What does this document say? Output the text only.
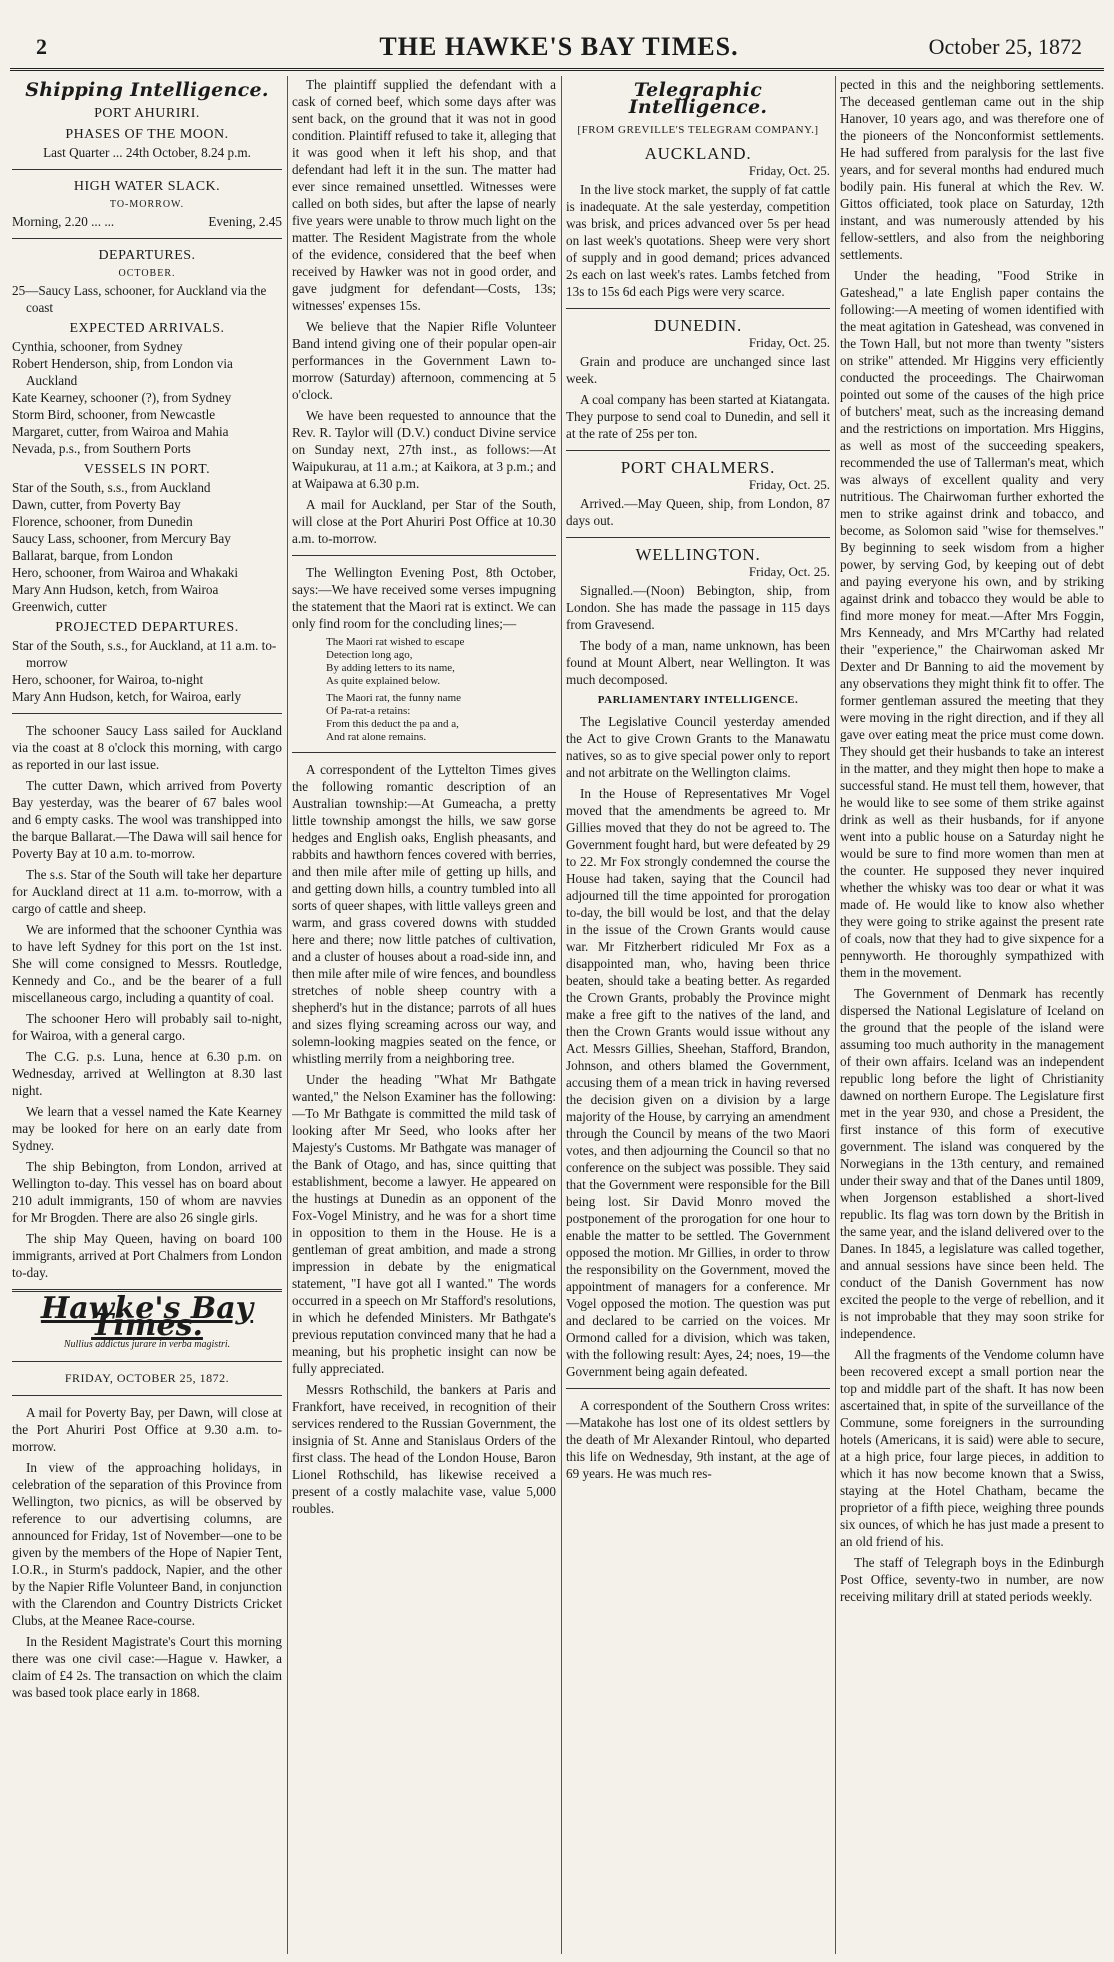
2	THE HAWKE'S BAY TIMES.	October 25, 1872
Shipping Intelligence.
PORT AHURIRI.
PHASES OF THE MOON.
Last Quarter ... 24th October, 8.24 p.m.
HIGH WATER SLACK.
TO-MORROW.
Morning, 2.20 ... ...	Evening, 2.45
DEPARTURES.
OCTOBER.
25—Saucy Lass, schooner, for Auckland via the coast
EXPECTED ARRIVALS.
Cynthia, schooner, from Sydney
Robert Henderson, ship, from London via Auckland
Kate Kearney, schooner (?), from Sydney
Storm Bird, schooner, from Newcastle
Margaret, cutter, from Wairoa and Mahia
Nevada, p.s., from Southern Ports
VESSELS IN PORT.
Star of the South, s.s., from Auckland
Dawn, cutter, from Poverty Bay
Florence, schooner, from Dunedin
Saucy Lass, schooner, from Mercury Bay
Ballarat, barque, from London
Hero, schooner, from Wairoa and Whakaki
Mary Ann Hudson, ketch, from Wairoa
Greenwich, cutter
PROJECTED DEPARTURES.
Star of the South, s.s., for Auckland, at 11 a.m. to-morrow
Hero, schooner, for Wairoa, to-night
Mary Ann Hudson, ketch, for Wairoa, early

The schooner Saucy Lass sailed for Auckland via the coast at 8 o'clock this morning, with cargo as reported in our last issue.

The cutter Dawn, which arrived from Poverty Bay yesterday, was the bearer of 67 bales wool and 6 empty casks. The wool was transhipped into the barque Ballarat.—The Dawa will sail hence for Poverty Bay at 10 a.m. to-morrow.

The s.s. Star of the South will take her departure for Auckland direct at 11 a.m. to-morrow, with a cargo of cattle and sheep.

We are informed that the schooner Cynthia was to have left Sydney for this port on the 1st inst. She will come consigned to Messrs. Routledge, Kennedy and Co., and be the bearer of a full miscellaneous cargo, including a quantity of coal.

The schooner Hero will probably sail to-night, for Wairoa, with a general cargo.

The C.G. p.s. Luna, hence at 6.30 p.m. on Wednesday, arrived at Wellington at 8.30 last night.

We learn that a vessel named the Kate Kearney may be looked for here on an early date from Sydney.

The ship Bebington, from London, arrived at Wellington to-day. This vessel has on board about 210 adult immigrants, 150 of whom are navvies for Mr Brogden. There are also 26 single girls.

The ship May Queen, having on board 100 immigrants, arrived at Port Chalmers from London to-day.

Hawke's Bay Times.
Nullius addictus jurare in verba magistri.
FRIDAY, OCTOBER 25, 1872.

A mail for Poverty Bay, per Dawn, will close at the Port Ahuriri Post Office at 9.30 a.m. to-morrow.

In view of the approaching holidays, in celebration of the separation of this Province from Wellington, two picnics, as will be observed by reference to our advertising columns, are announced for Friday, 1st of November—one to be given by the members of the Hope of Napier Tent, I.O.R., in Sturm's paddock, Napier, and the other by the Napier Rifle Volunteer Band, in conjunction with the Clarendon and Country Districts Cricket Clubs, at the Meanee Race-course.

In the Resident Magistrate's Court this morning there was one civil case:—Hague v. Hawker, a claim of £4 2s. The transaction on which the claim was based took place early in 1868.

The plaintiff supplied the defendant with a cask of corned beef, which some days after was sent back, on the ground that it was not in good condition. Plaintiff refused to take it, alleging that it was good when it left his shop, and that defendant had left it in the sun. The matter had ever since remained unsettled. Witnesses were called on both sides, but after the lapse of nearly five years were unable to throw much light on the matter. The Resident Magistrate from the whole of the evidence, considered that the beef when received by Hawker was not in good order, and gave judgment for defendant—Costs, 13s; witnesses' expenses 15s.

We believe that the Napier Rifle Volunteer Band intend giving one of their popular open-air performances in the Government Lawn to-morrow (Saturday) afternoon, commencing at 5 o'clock.

We have been requested to announce that the Rev. R. Taylor will (D.V.) conduct Divine service on Sunday next, 27th inst., as follows:—At Waipukurau, at 11 a.m.; at Kaikora, at 3 p.m.; and at Waipawa at 6.30 p.m.

A mail for Auckland, per Star of the South, will close at the Port Ahuriri Post Office at 10.30 a.m. to-morrow.

The Wellington Evening Post, 8th October, says:—We have received some verses impugning the statement that the Maori rat is extinct. We can only find room for the concluding lines;—

The Maori rat wished to escape
Detection long ago,
By adding letters to its name,
As quite explained below.
The Maori rat, the funny name
Of Pa-rat-a retains:
From this deduct the pa and a,
And rat alone remains.

A correspondent of the Lyttelton Times gives the following romantic description of an Australian township:—At Gumeacha, a pretty little township amongst the hills, we saw gorse hedges and English oaks, English pheasants, and rabbits and hawthorn fences covered with berries, and then mile after mile of getting up hills, and and getting down hills, a country tumbled into all sorts of queer shapes, with little valleys green and warm, and grass covered downs with studded here and there; now little patches of cultivation, and a cluster of houses about a road-side inn, and then mile after mile of wire fences, and boundless stretches of noble sheep country with a shepherd's hut in the distance; parrots of all hues and sizes flying screaming across our way, and solemn-looking magpies seated on the fence, or whistling merrily from a neighboring tree.

Under the heading "What Mr Bathgate wanted," the Nelson Examiner has the following:—To Mr Bathgate is committed the mild task of looking after Mr Seed, who looks after her Majesty's Customs. Mr Bathgate was manager of the Bank of Otago, and has, since quitting that establishment, become a lawyer. He appeared on the hustings at Dunedin as an opponent of the Fox-Vogel Ministry, and he was for a short time in opposition to them in the House. He is a gentleman of great ambition, and made a strong impression in debate by the enigmatical statement, "I have got all I wanted." The words occurred in a speech on Mr Stafford's resolutions, in which he defended Ministers. Mr Bathgate's previous reputation convinced many that he had a meaning, but his prophetic insight can now be fully appreciated.

Messrs Rothschild, the bankers at Paris and Frankfort, have received, in recognition of their services rendered to the Russian Government, the insignia of St. Anne and Stanislaus Orders of the first class. The head of the London House, Baron Lionel Rothschild, has likewise received a present of a costly malachite vase, value 5,000 roubles.

Telegraphic Intelligence.
[FROM GREVILLE'S TELEGRAM COMPANY.]
AUCKLAND.
Friday, Oct. 25.

In the live stock market, the supply of fat cattle is inadequate. At the sale yesterday, competition was brisk, and prices advanced over 5s per head on last week's quotations. Sheep were very short of supply and in good demand; prices advanced 2s each on last week's rates. Lambs fetched from 13s to 15s 6d each Pigs were very scarce.

DUNEDIN.
Friday, Oct. 25.

Grain and produce are unchanged since last week.

A coal company has been started at Kiatangata. They purpose to send coal to Dunedin, and sell it at the rate of 25s per ton.

PORT CHALMERS.
Friday, Oct. 25.

Arrived.—May Queen, ship, from London, 87 days out.

WELLINGTON.
Friday, Oct. 25.

Signalled.—(Noon) Bebington, ship, from London. She has made the passage in 115 days from Gravesend.

The body of a man, name unknown, has been found at Mount Albert, near Wellington. It was much decomposed.

PARLIAMENTARY INTELLIGENCE.

The Legislative Council yesterday amended the Act to give Crown Grants to the Manawatu natives, so as to give special power only to report and not arbitrate on the Wellington claims.

In the House of Representatives Mr Vogel moved that the amendments be agreed to. Mr Gillies moved that they do not be agreed to. The Government fought hard, but were defeated by 29 to 22. Mr Fox strongly condemned the course the House had taken, saying that the Council had adjourned till the time appointed for prorogation to-day, the bill would be lost, and that the delay in the issue of the Crown Grants would cause war. Mr Fitzherbert ridiculed Mr Fox as a disappointed man, who, having been thrice beaten, should take a beating better. As regarded the Crown Grants, probably the Province might make a free gift to the natives of the land, and then the Crown Grants would issue without any Act. Messrs Gillies, Sheehan, Stafford, Brandon, Johnson, and others blamed the Government, accusing them of a mean trick in having reversed the decision given on a division by a large majority of the House, by carrying an amendment through the Council by means of the two Maori votes, and then adjourning the Council so that no conference on the subject was possible. They said that the Government were responsible for the Bill being lost. Sir David Monro moved the postponement of the prorogation for one hour to enable the matter to be settled. The Government opposed the motion. Mr Gillies, in order to throw the responsibility on the Government, moved the appointment of managers for a conference. Mr Vogel opposed the motion. The question was put and declared to be carried on the voices. Mr Ormond called for a division, which was taken, with the following result: Ayes, 24; noes, 19—the Government being again defeated.

A correspondent of the Southern Cross writes:—Matakohe has lost one of its oldest settlers by the death of Mr Alexander Rintoul, who departed this life on Wednesday, 9th instant, at the age of 69 years. He was much res-

pected in this and the neighboring settlements. The deceased gentleman came out in the ship Hanover, 10 years ago, and was therefore one of the pioneers of the Nonconformist settlements. He had suffered from paralysis for the last five years, and for several months had endured much bodily pain. His funeral at which the Rev. W. Gittos officiated, took place on Saturday, 12th instant, and was numerously attended by his fellow-settlers, and also from the neighboring settlements.

Under the heading, "Food Strike in Gateshead," a late English paper contains the following:—A meeting of women identified with the meat agitation in Gateshead, was convened in the Town Hall, but not more than twenty "sisters on strike" attended. Mr Higgins very efficiently conducted the proceedings. The Chairwoman pointed out some of the causes of the high price of butchers' meat, such as the increasing demand and the restrictions on importation. Mrs Higgins, as well as most of the succeeding speakers, recommended the use of Tallerman's meat, which was always of excellent quality and very nutritious. The Chairwoman further exhorted the men to strike against drink and tobacco, and become, as Solomon said "wise for themselves." By beginning to seek wisdom from a higher power, by serving God, by keeping out of debt and paying everyone his own, and by striking against drink and tobacco they would be able to find more money for meat.—After Mrs Foggin, Mrs Kenneady, and Mrs M'Carthy had related their "experience," the Chairwoman asked Mr Dexter and Dr Banning to aid the movement by any observations they might think fit to offer. The former gentleman assured the meeting that they were moving in the right direction, and if they all gave over eating meat the price must come down. They should get their husbands to take an interest in the matter, and they might then hope to make a successful stand. He must tell them, however, that he would like to see some of them strike against drink as well as their husbands, for if anyone went into a public house on a Saturday night he would be sure to find more women than men at the counter. He supposed they never inquired whether the whisky was too dear or what it was made of. He would like to know also whether they were going to strike against the present rate of coals, now that they had to give sixpence for a pennyworth. He thoroughly sympathized with them in the movement.

The Government of Denmark has recently dispersed the National Legislature of Iceland on the ground that the people of the island were assuming too much authority in the management of their own affairs. Iceland was an independent republic long before the light of Christianity dawned on northern Europe. The Legislature first met in the year 930, and chose a President, the first instance of this form of executive government. The island was conquered by the Norwegians in the 13th century, and remained under their sway and that of the Danes until 1809, when Jorgenson established a short-lived republic. Its flag was torn down by the British in the same year, and the island delivered over to the Danes. In 1845, a legislature was called together, and annual sessions have since been held. The conduct of the Danish Government has now excited the people to the verge of rebellion, and it is not improbable that they may soon strike for independence.

All the fragments of the Vendome column have been recovered except a small portion near the top and middle part of the shaft. It has now been ascertained that, in spite of the surveillance of the Commune, some foreigners in the surrounding hotels (Americans, it is said) were able to secure, at a high price, four large pieces, in addition to which it has now become known that a Swiss, staying at the Hotel Chatham, became the proprietor of a fifth piece, weighing three pounds six ounces, of which he has just made a present to an old friend of his.

The staff of Telegraph boys in the Edinburgh Post Office, seventy-two in number, are now receiving military drill at stated periods weekly.
